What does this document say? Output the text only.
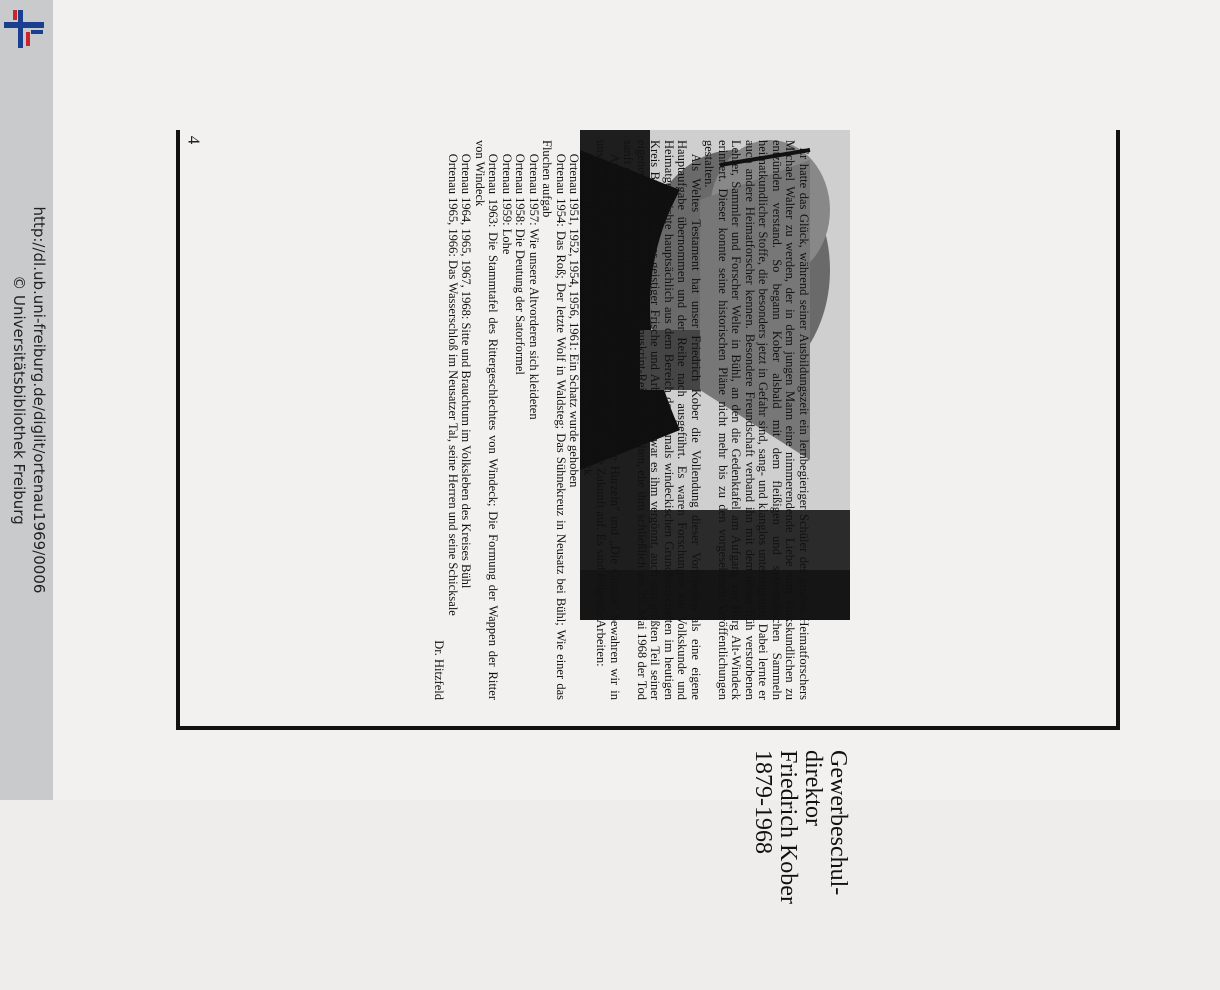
http://dl.ub.uni-freiburg.de/diglit/ortenau1969/0006
© Universitätsbibliothek Freiburg
4
Gewerbeschul-
direktor
Friedrich Kober
1879-1968

Er hatte das Glück, während seiner Ausbildungszeit ein lernbegieriger Schüler des großen Heimatforschers Michael Walter zu werden, der in dem jungen Mann eine nimmerendende Liebe zum Volkskundlichen zu entzünden verstand. So begann Kober alsbald mit dem fleißigen und systematischen Sammeln heimatkundlicher Stoffe, die besonders jetzt in Gefahr sind, sang- und klanglos unterzugehen. Dabei lernte er auch andere Heimatforscher kennen. Besondere Freundschaft verband ihn mit dem leider früh verstorbenen Lehrer, Sammler und Forscher Welte in Bühl, an den die Gedenktafel am Aufgang zur Burg Alt-Windeck erinnert. Dieser konnte seine historischen Pläne nicht mehr bis zu den vorgesehenen Veröffentlichungen gestalten.

Als Weltes Testament hat unser Friedrich Kober die Vollendung dieser Vorarbeiten als eine eigene Hauptaufgabe übernommen und der Reihe nach ausgeführt. Es waren Forschungen zur Volkskunde und Heimatgeschichte hauptsächlich aus dem Bereich der ehemals windeckischen Grundherrschaften im heutigen Kreis Bühl. In seltener geistiger Frische und Arbeitskraft war es ihm vergönnt, auch den größten Teil seiner eigenen Stoffsammlungen bis zur Manuskript-Reife zu gestalten, ehe ihm schließlich am 20. Mai 1968 der Tod sanft die Feder aus der Hand nahm.

Außer den Veröffentlichungen in den Heimatbeilagen „Die Hurzeln" und „Die Chaibe" bewahren wir in unserer „Ortenau" alles Wesentliche seines Lebenswerkes für die Zukunft auf. Es sind folgende Arbeiten:

Ortenau 1951: Die Gesellschaft zur Verherrlichung der Windeck

Ortenau 1951, 1952, 1954, 1956, 1961: Ein Schatz wurde gehoben

Ortenau 1954: Das Roß; Der letzte Wolf in Waldsteg; Das Sühnekreuz in Neusatz bei Bühl; Wie einer das Fluchen aufgab

Ortenau 1957: Wie unsere Altvorderen sich kleideten

Ortenau 1958: Die Deutung der Satorformel

Ortenau 1959: Lohe

Ortenau 1963: Die Stammtafel des Rittergeschlechtes von Windeck; Die Formung der Wappen der Ritter von Windeck

Ortenau 1964, 1965, 1967, 1968: Sitte und Brauchtum im Volksleben des Kreises Bühl

Ortenau 1965, 1966: Das Wasserschloß im Neusatzer Tal, seine Herren und seine Schicksale

Dr. Hitzfeld
